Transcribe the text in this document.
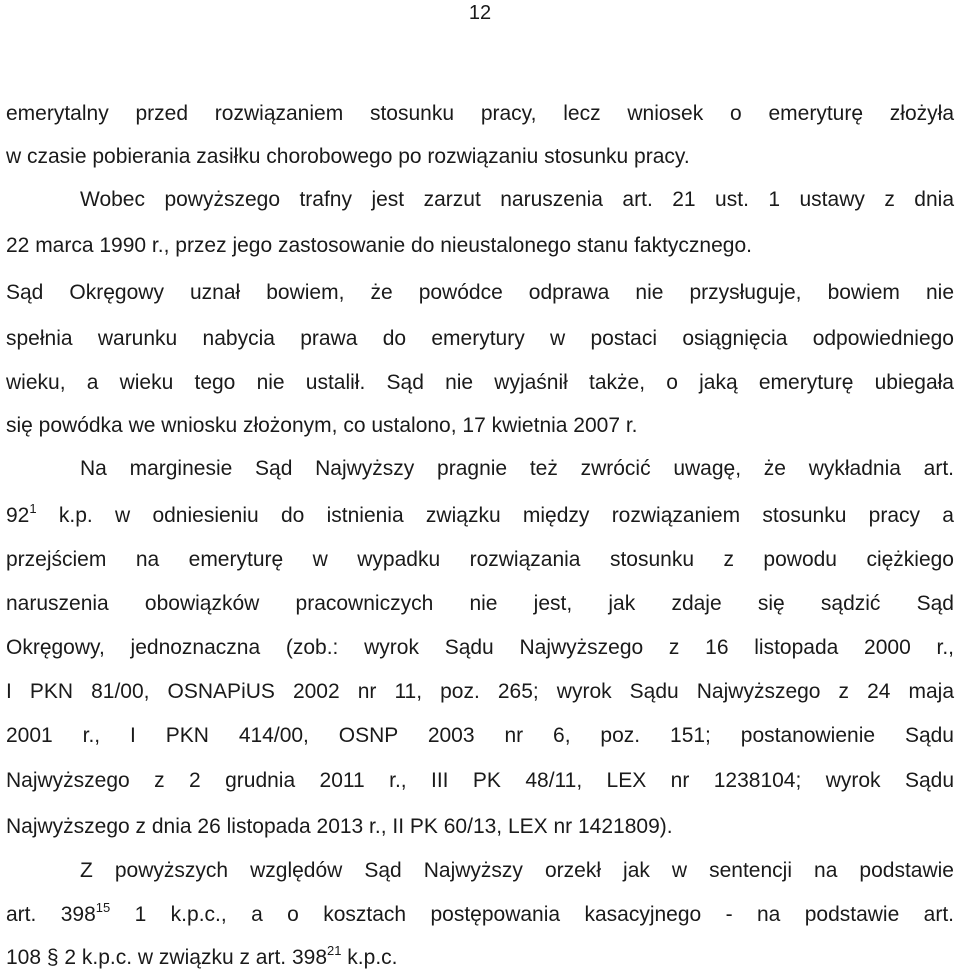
12
emerytalny przed rozwiązaniem stosunku pracy, lecz wniosek o emeryturę złożyła
w czasie pobierania zasiłku chorobowego po rozwiązaniu stosunku pracy.
Wobec powyższego trafny jest zarzut naruszenia art. 21 ust. 1 ustawy z dnia
22 marca 1990 r., przez jego zastosowanie do nieustalonego stanu faktycznego.
Sąd Okręgowy uznał bowiem, że powódce odprawa nie przysługuje, bowiem nie
spełnia warunku nabycia prawa do emerytury w postaci osiągnięcia odpowiedniego
wieku, a wieku tego nie ustalił. Sąd nie wyjaśnił także, o jaką emeryturę ubiegała
się powódka we wniosku złożonym, co ustalono, 17 kwietnia 2007 r.
Na marginesie Sąd Najwyższy pragnie też zwrócić uwagę, że wykładnia art.
$92^1$ k.p. w odniesieniu do istnienia związku między rozwiązaniem stosunku pracy a
przejściem na emeryturę w wypadku rozwiązania stosunku z powodu ciężkiego
naruszenia obowiązków pracowniczych nie jest, jak zdaje się sądzić Sąd
Okręgowy, jednoznaczna (zob.: wyrok Sądu Najwyższego z 16 listopada 2000 r.,
I PKN 81/00, OSNAPiUS 2002 nr 11, poz. 265; wyrok Sądu Najwyższego z 24 maja
2001 r., I PKN 414/00, OSNP 2003 nr 6, poz. 151; postanowienie Sądu
Najwyższego z 2 grudnia 2011 r., III PK 48/11, LEX nr 1238104; wyrok Sądu
Najwyższego z dnia 26 listopada 2013 r., II PK 60/13, LEX nr 1421809).
Z powyższych względów Sąd Najwyższy orzekł jak w sentencji na podstawie
art. $398^{15}$ 1 k.p.c., a o kosztach postępowania kasacyjnego - na podstawie art.
108 § 2 k.p.c. w związku z art. $398^{21}$ k.p.c.
